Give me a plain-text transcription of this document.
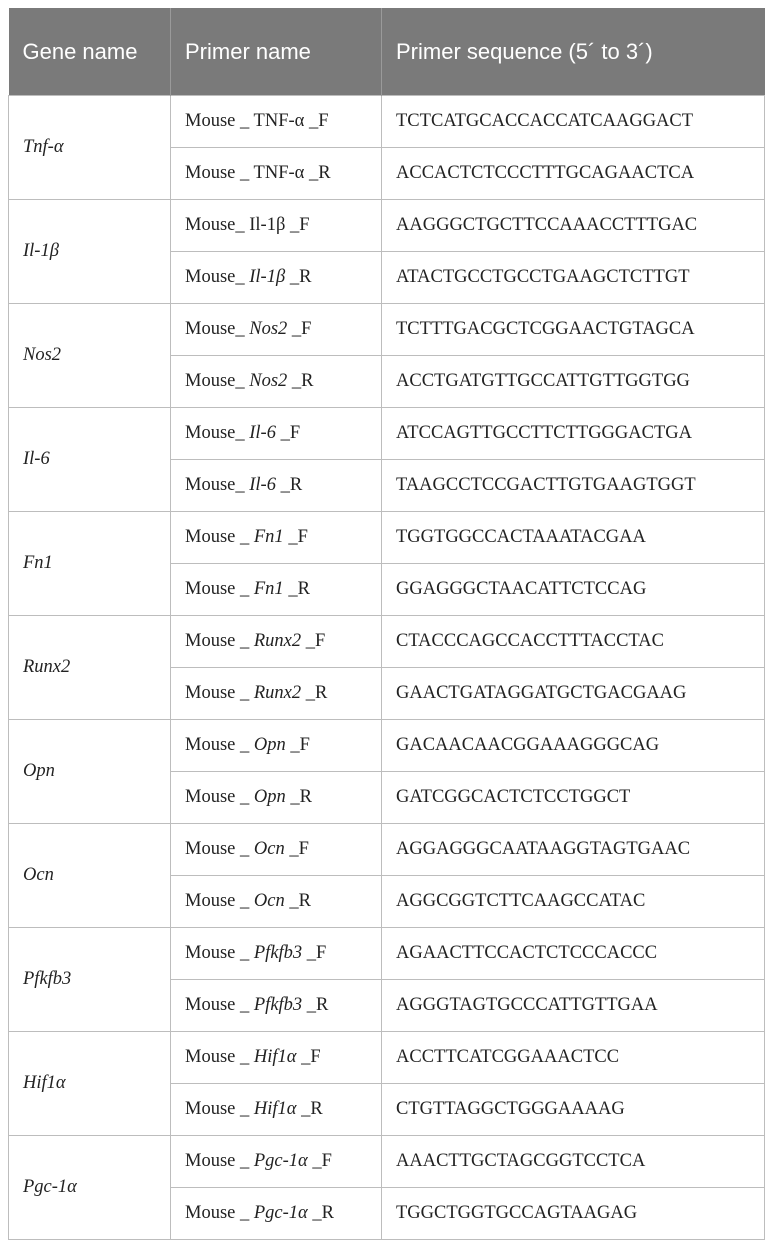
Gene name	Primer name	Primer sequence (5´ to 3´)
Tnf-α	Mouse _ TNF-α _F	TCTCATGCACCACCATCAAGGACT
	Mouse _ TNF-α _R	ACCACTCTCCCTTTGCAGAACTCA
Il-1β	Mouse_ Il-1β _F	AAGGGCTGCTTCCAAACCTTTGAC
	Mouse_ Il-1β _R	ATACTGCCTGCCTGAAGCTCTTGT
Nos2	Mouse_ Nos2 _F	TCTTTGACGCTCGGAACTGTAGCA
	Mouse_ Nos2 _R	ACCTGATGTTGCCATTGTTGGTGG
Il-6	Mouse_ Il-6 _F	ATCCAGTTGCCTTCTTGGGACTGA
	Mouse_ Il-6 _R	TAAGCCTCCGACTTGTGAAGTGGT
Fn1	Mouse _ Fn1 _F	TGGTGGCCACTAAATACGAA
	Mouse _ Fn1 _R	GGAGGGCTAACATTCTCCAG
Runx2	Mouse _ Runx2 _F	CTACCCAGCCACCTTTACCTAC
	Mouse _ Runx2 _R	GAACTGATAGGATGCTGACGAAG
Opn	Mouse _ Opn _F	GACAACAACGGAAAGGGCAG
	Mouse _ Opn _R	GATCGGCACTCTCCTGGCT
Ocn	Mouse _ Ocn _F	AGGAGGGCAATAAGGTAGTGAAC
	Mouse _ Ocn _R	AGGCGGTCTTCAAGCCATAC
Pfkfb3	Mouse _ Pfkfb3 _F	AGAACTTCCACTCTCCCACCC
	Mouse _ Pfkfb3 _R	AGGGTAGTGCCCATTGTTGAA
Hif1α	Mouse _ Hif1α _F	ACCTTCATCGGAAACTCC
	Mouse _ Hif1α _R	CTGTTAGGCTGGGAAAAG
Pgc-1α	Mouse _ Pgc-1α _F	AAACTTGCTAGCGGTCCTCA
	Mouse _ Pgc-1α _R	TGGCTGGTGCCAGTAAGAG
